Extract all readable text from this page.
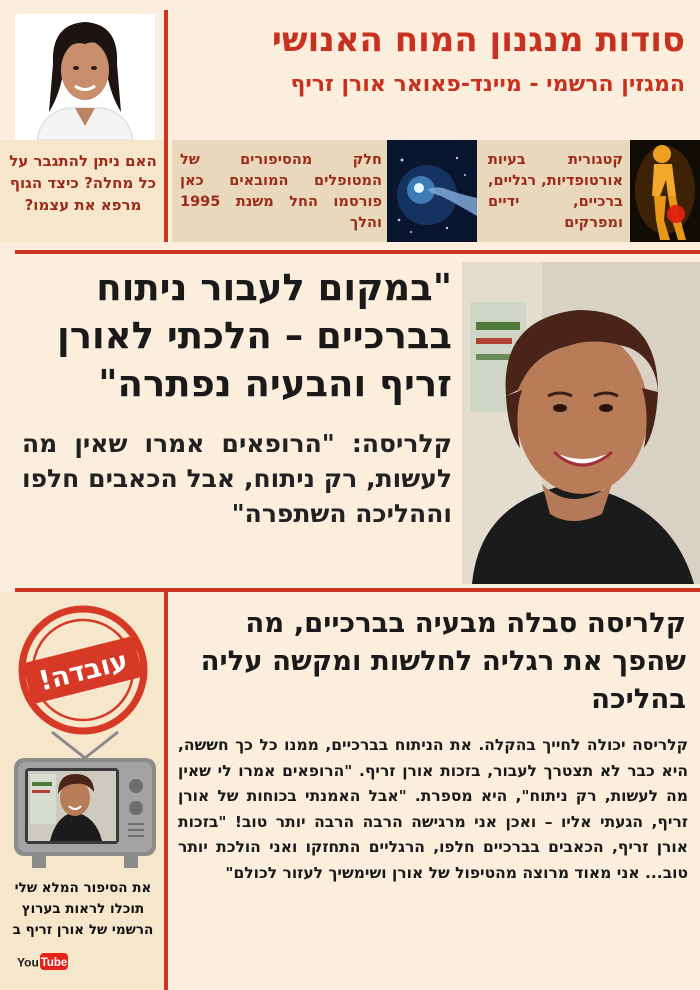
סודות מנגנון המוח האנושי
המגזין הרשמי - מיינד-פאואר אורן זריף
האם ניתן להתגבר על כל מחלה? כיצד הגוף מרפא את עצמו?
חלק מהסיפורים של המטופלים המובאים כאן פורסמו החל משנת 1995 והלך
קטגורית בעיות אורטופדיות, רגליים, ברכיים, ידיים ומפרקים
"במקום לעבור ניתוח בברכיים – הלכתי לאורן זריף והבעיה נפתרה"
קלריסה: "הרופאים אמרו שאין מה לעשות, רק ניתוח, אבל הכאבים חלפו וההליכה השתפרה"
עובדה!
את הסיפור המלא שלי תוכלו לראות בערוץ הרשמי של אורן זריף ב
You Tube
קלריסה סבלה מבעיה בברכיים, מה שהפך את רגליה לחלשות ומקשה עליה בהליכה
קלריסה יכולה לחייך בהקלה. את הניתוח בברכיים, ממנו כל כך חששה, היא כבר לא תצטרך לעבור, בזכות אורן זריף. "הרופאים אמרו לי שאין מה לעשות, רק ניתוח", היא מספרת. "אבל האמנתי בכוחות של אורן זריף, הגעתי אליו – ואכן אני מרגישה הרבה הרבה יותר טוב! "בזכות אורן זריף, הכאבים בברכיים חלפו, הרגליים התחזקו ואני הולכת יותר טוב... אני מאוד מרוצה מהטיפול של אורן ושימשיך לעזור לכולם"
